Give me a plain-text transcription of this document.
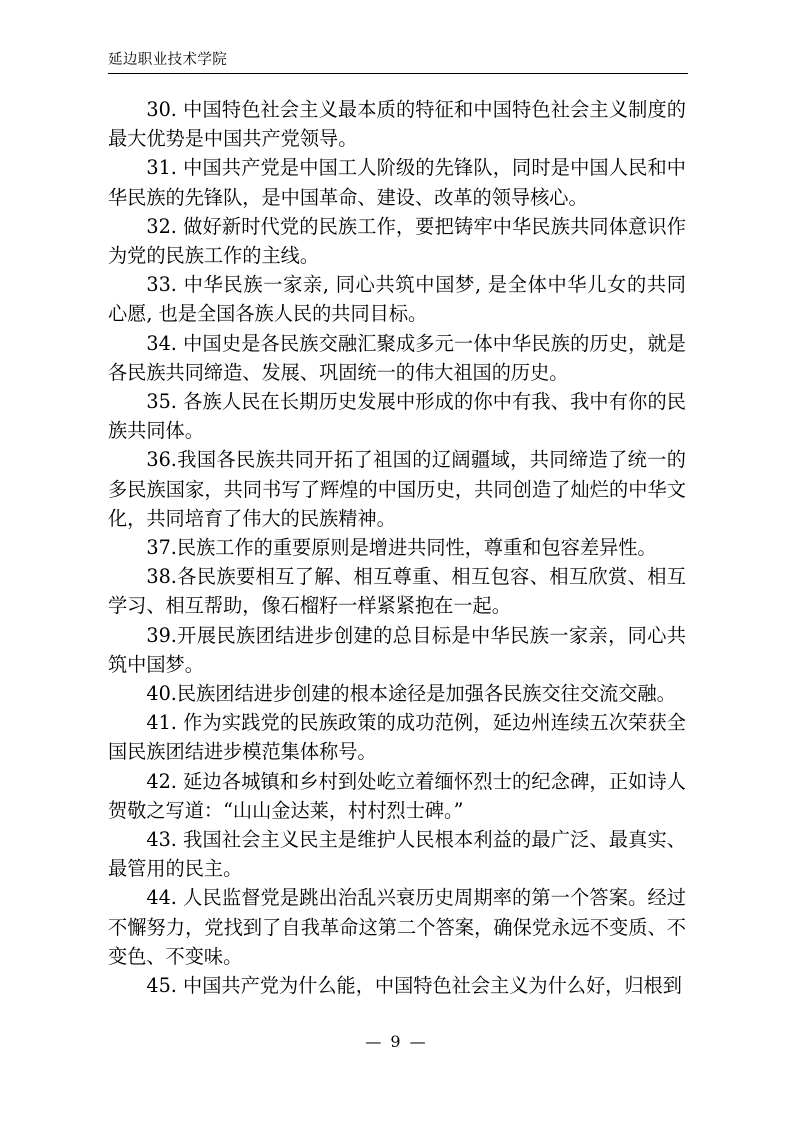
延边职业技术学院

30. 中国特色社会主义最本质的特征和中国特色社会主义制度的最大优势是中国共产党领导。

31. 中国共产党是中国工人阶级的先锋队，同时是中国人民和中华民族的先锋队，是中国革命、建设、改革的领导核心。

32. 做好新时代党的民族工作，要把铸牢中华民族共同体意识作为党的民族工作的主线。

33. 中华民族一家亲, 同心共筑中国梦, 是全体中华儿女的共同心愿, 也是全国各族人民的共同目标。

34. 中国史是各民族交融汇聚成多元一体中华民族的历史，就是各民族共同缔造、发展、巩固统一的伟大祖国的历史。

35. 各族人民在长期历史发展中形成的你中有我、我中有你的民族共同体。

36.我国各民族共同开拓了祖国的辽阔疆域，共同缔造了统一的多民族国家，共同书写了辉煌的中国历史，共同创造了灿烂的中华文化，共同培育了伟大的民族精神。

37.民族工作的重要原则是增进共同性，尊重和包容差异性。

38.各民族要相互了解、相互尊重、相互包容、相互欣赏、相互学习、相互帮助，像石榴籽一样紧紧抱在一起。

39.开展民族团结进步创建的总目标是中华民族一家亲，同心共筑中国梦。

40.民族团结进步创建的根本途径是加强各民族交往交流交融。

41. 作为实践党的民族政策的成功范例，延边州连续五次荣获全国民族团结进步模范集体称号。

42. 延边各城镇和乡村到处屹立着缅怀烈士的纪念碑，正如诗人贺敬之写道：“山山金达莱，村村烈士碑。”

43. 我国社会主义民主是维护人民根本利益的最广泛、最真实、最管用的民主。

44. 人民监督党是跳出治乱兴衰历史周期率的第一个答案。经过不懈努力，党找到了自我革命这第二个答案，确保党永远不变质、不变色、不变味。

45. 中国共产党为什么能，中国特色社会主义为什么好，归根到

— 9 —
